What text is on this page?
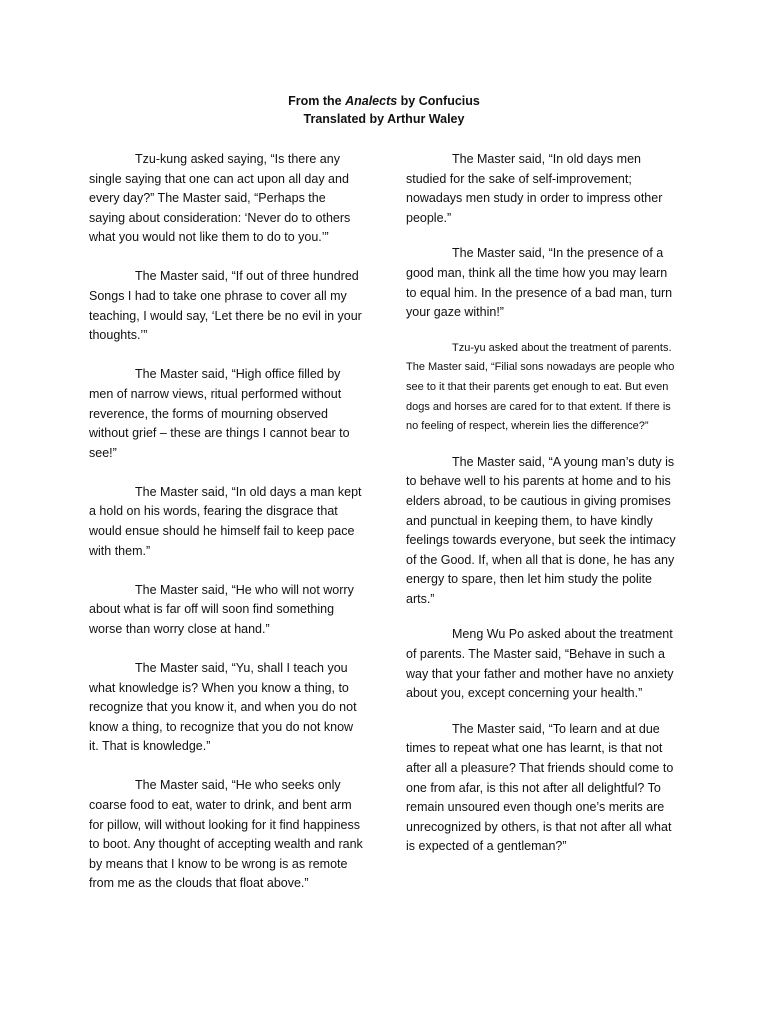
From the Analects by Confucius
Translated by Arthur Waley

Tzu-kung asked saying, “Is there any single saying that one can act upon all day and every day?” The Master said, “Perhaps the saying about consideration: ‘Never do to others what you would not like them to do to you.’”

The Master said, “If out of three hundred Songs I had to take one phrase to cover all my teaching, I would say, ‘Let there be no evil in your thoughts.’”

The Master said, “High office filled by men of narrow views, ritual performed without reverence, the forms of mourning observed without grief – these are things I cannot bear to see!”

The Master said, “In old days a man kept a hold on his words, fearing the disgrace that would ensue should he himself fail to keep pace with them.”

The Master said, “He who will not worry about what is far off will soon find something worse than worry close at hand.”

The Master said, “Yu, shall I teach you what knowledge is? When you know a thing, to recognize that you know it, and when you do not know a thing, to recognize that you do not know it. That is knowledge.”

The Master said, “He who seeks only coarse food to eat, water to drink, and bent arm for pillow, will without looking for it find happiness to boot. Any thought of accepting wealth and rank by means that I know to be wrong is as remote from me as the clouds that float above.”

The Master said, “In old days men studied for the sake of self-improvement; nowadays men study in order to impress other people.”

The Master said, “In the presence of a good man, think all the time how you may learn to equal him. In the presence of a bad man, turn your gaze within!”

Tzu-yu asked about the treatment of parents. The Master said, “Filial sons nowadays are people who see to it that their parents get enough to eat. But even dogs and horses are cared for to that extent. If there is no feeling of respect, wherein lies the difference?”

The Master said, “A young man’s duty is to behave well to his parents at home and to his elders abroad, to be cautious in giving promises and punctual in keeping them, to have kindly feelings towards everyone, but seek the intimacy of the Good. If, when all that is done, he has any energy to spare, then let him study the polite arts.”

Meng Wu Po asked about the treatment of parents. The Master said, “Behave in such a way that your father and mother have no anxiety about you, except concerning your health.”

The Master said, “To learn and at due times to repeat what one has learnt, is that not after all a pleasure? That friends should come to one from afar, is this not after all delightful? To remain unsoured even though one’s merits are unrecognized by others, is that not after all what is expected of a gentleman?”
